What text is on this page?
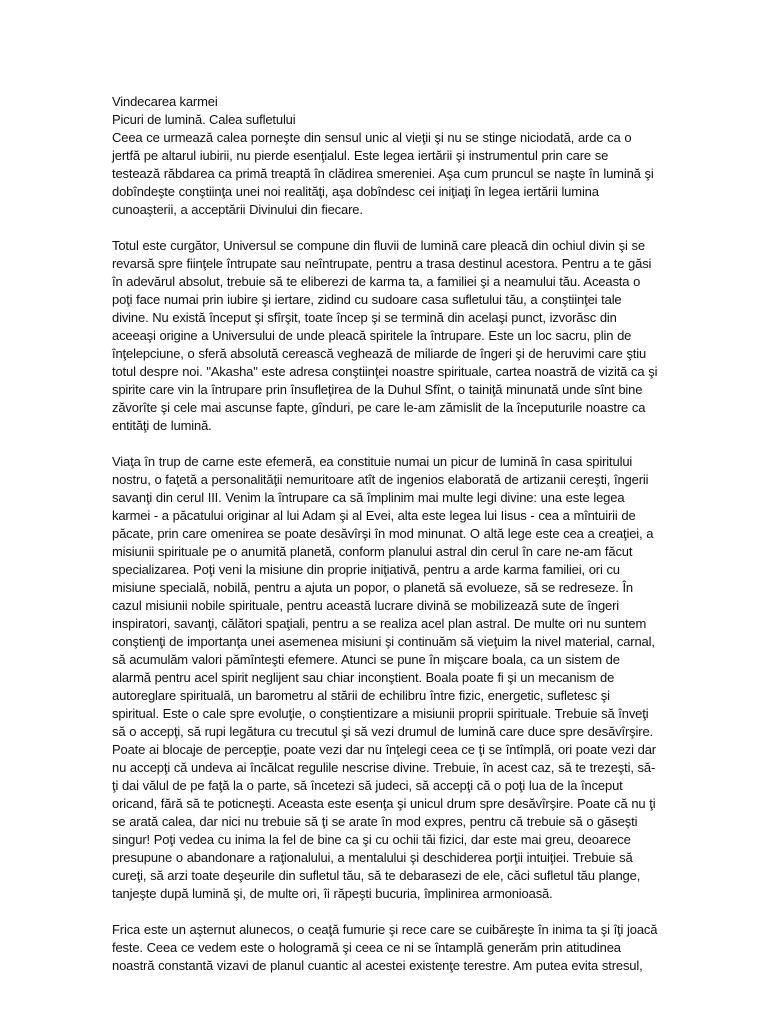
Vindecarea karmei

Picuri de lumină. Calea sufletului

Ceea ce urmează calea porneşte din sensul unic al vieţii şi nu se stinge niciodată, arde ca o jertfă pe altarul iubirii, nu pierde esenţialul. Este legea iertării şi instrumentul prin care se testează răbdarea ca primă treaptă în clădirea smereniei. Aşa cum pruncul se naşte în lumină şi dobîndeşte conştiinţa unei noi realităţi, aşa dobîndesc cei iniţiaţi în legea iertării lumina cunoaşterii, a acceptării Divinului din fiecare.

Totul este curgător, Universul se compune din fluvii de lumină care pleacă din ochiul divin şi se revarsă spre fiinţele întrupate sau neîntrupate, pentru a trasa destinul acestora. Pentru a te găsi în adevărul absolut, trebuie să te eliberezi de karma ta, a familiei şi a neamului tău. Aceasta o poţi face numai prin iubire şi iertare, zidind cu sudoare casa sufletului tău, a conştiinţei tale divine. Nu există început şi sfîrşit, toate încep şi se termină din acelaşi punct, izvorăsc din aceeaşi origine a Universului de unde pleacă spiritele la întrupare. Este un loc sacru, plin de înţelepciune, o sferă absolută cerească veghează de miliarde de îngeri şi de heruvimi care ştiu totul despre noi. "Akasha" este adresa conştiinţei noastre spirituale, cartea noastră de vizită ca şi spirite care vin la întrupare prin însufleţirea de la Duhul Sfînt, o tainiţă minunată unde sînt bine zăvorîte şi cele mai ascunse fapte, gînduri, pe care le-am zămislit de la începuturile noastre ca entităţi de lumină.

Viaţa în trup de carne este efemeră, ea constituie numai un picur de lumină în casa spiritului nostru, o faţetă a personalităţii nemuritoare atît de ingenios elaborată de artizanii cereşti, îngerii savanţi din cerul III. Venim la întrupare ca să împlinim mai multe legi divine: una este legea karmei - a păcatului originar al lui Adam şi al Evei, alta este legea lui Iisus - cea a mîntuirii de păcate, prin care omenirea se poate desăvîrşi în mod minunat. O altă lege este cea a creaţiei, a misiunii spirituale pe o anumită planetă, conform planului astral din cerul în care ne-am făcut specializarea. Poţi veni la misiune din proprie iniţiativă, pentru a arde karma familiei, ori cu misiune specială, nobilă, pentru a ajuta un popor, o planetă să evolueze, să se redreseze. În cazul misiunii nobile spirituale, pentru această lucrare divină se mobilizează sute de îngeri inspiratori, savanţi, călători spaţiali, pentru a se realiza acel plan astral. De multe ori nu suntem conştienţi de importanţa unei asemenea misiuni şi continuăm să vieţuim la nivel material, carnal, să acumulăm valori pămînteşti efemere. Atunci se pune în mişcare boala, ca un sistem de alarmă pentru acel spirit neglijent sau chiar inconştient. Boala poate fi şi un mecanism de autoreglare spirituală, un barometru al stării de echilibru între fizic, energetic, sufletesc şi spiritual. Este o cale spre evoluţie, o conştientizare a misiunii proprii spirituale. Trebuie să înveţi să o accepţi, să rupi legătura cu trecutul şi să vezi drumul de lumină care duce spre desăvîrşire. Poate ai blocaje de percepţie, poate vezi dar nu înţelegi ceea ce ţi se întîmplă, ori poate vezi dar nu accepţi că undeva ai încălcat regulile nescrise divine. Trebuie, în acest caz, să te trezeşti, să-ţi dai vălul de pe faţă la o parte, să încetezi să judeci, să accepţi că o poţi lua de la început oricand, fără să te poticneşti. Aceasta este esenţa şi unicul drum spre desăvîrşire. Poate că nu ţi se arată calea, dar nici nu trebuie să ţi se arate în mod expres, pentru că trebuie să o găseşti singur! Poţi vedea cu inima la fel de bine ca şi cu ochii tăi fizici, dar este mai greu, deoarece presupune o abandonare a raţionalului, a mentalului şi deschiderea porţii intuiţiei. Trebuie să cureţi, să arzi toate deşeurile din sufletul tău, să te debarasezi de ele, căci sufletul tău plange, tanjeşte după lumină şi, de multe ori, îi răpeşti bucuria, împlinirea armonioasă.

Frica este un aşternut alunecos, o ceaţă fumurie şi rece care se cuibăreşte în inima ta şi îţi joacă feste. Ceea ce vedem este o hologramă şi ceea ce ni se întamplă generăm prin atitudinea noastră constantă vizavi de planul cuantic al acestei existenţe terestre. Am putea evita stresul,
